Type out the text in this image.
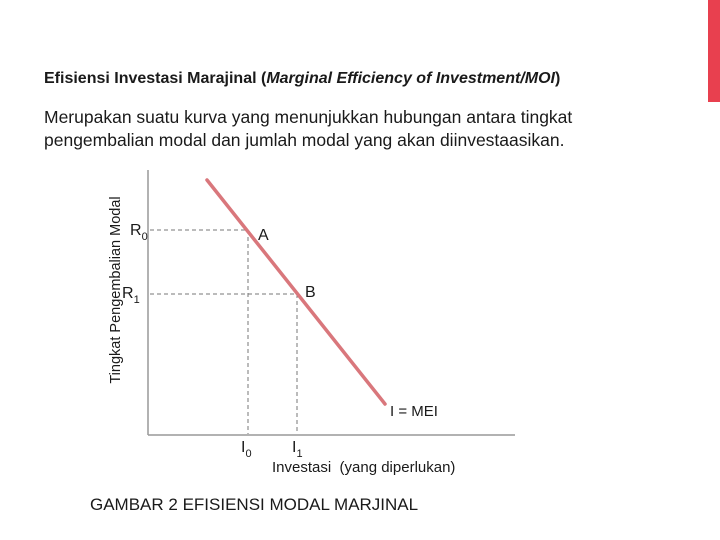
Efisiensi Investasi Marajinal (Marginal Efficiency of Investment/MOI)
Merupakan suatu kurva yang menunjukkan hubungan antara tingkat
pengembalian modal dan jumlah modal yang akan diinvestaasikan.
Tingkat Pengembalian Modal $R_0$
$R_1$
A
B
I = MEI
$I_0$	$I_1$
Investasi  (yang diperlukan)
GAMBAR 2 EFISIENSI MODAL MARJINAL
